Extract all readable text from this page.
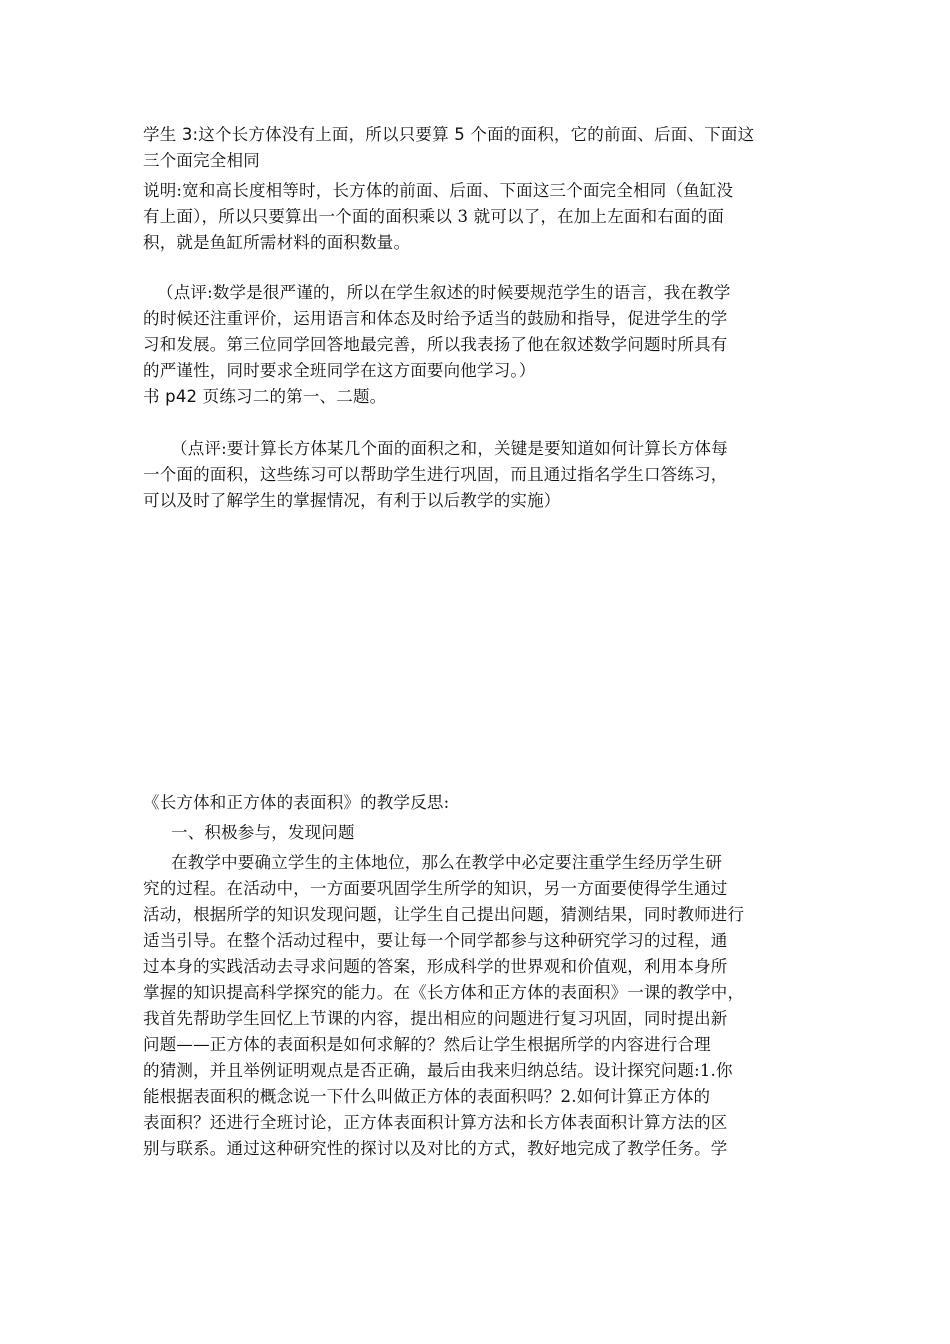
学生 3:这个长方体没有上面，所以只要算 5 个面的面积，它的前面、后面、下面这
三个面完全相同
说明:宽和高长度相等时，长方体的前面、后面、下面这三个面完全相同（鱼缸没
有上面），所以只要算出一个面的面积乘以 3 就可以了，在加上左面和右面的面
积，就是鱼缸所需材料的面积数量。
（点评:数学是很严谨的，所以在学生叙述的时候要规范学生的语言，我在教学
的时候还注重评价，运用语言和体态及时给予适当的鼓励和指导，促进学生的学
习和发展。第三位同学回答地最完善，所以我表扬了他在叙述数学问题时所具有
的严谨性，同时要求全班同学在这方面要向他学习。）
书 p42 页练习二的第一、二题。
（点评:要计算长方体某几个面的面积之和，关键是要知道如何计算长方体每
一个面的面积，这些练习可以帮助学生进行巩固，而且通过指名学生口答练习，
可以及时了解学生的掌握情况，有利于以后教学的实施）
《长方体和正方体的表面积》的教学反思:
一、积极参与，发现问题
在教学中要确立学生的主体地位，那么在教学中必定要注重学生经历学生研
究的过程。在活动中，一方面要巩固学生所学的知识，另一方面要使得学生通过
活动，根据所学的知识发现问题，让学生自己提出问题，猜测结果，同时教师进行
适当引导。在整个活动过程中，要让每一个同学都参与这种研究学习的过程，通
过本身的实践活动去寻求问题的答案，形成科学的世界观和价值观，利用本身所
掌握的知识提高科学探究的能力。在《长方体和正方体的表面积》一课的教学中，
我首先帮助学生回忆上节课的内容，提出相应的问题进行复习巩固，同时提出新
问题——正方体的表面积是如何求解的？然后让学生根据所学的内容进行合理
的猜测，并且举例证明观点是否正确，最后由我来归纳总结。设计探究问题:1.你
能根据表面积的概念说一下什么叫做正方体的表面积吗？2.如何计算正方体的
表面积？还进行全班讨论，正方体表面积计算方法和长方体表面积计算方法的区
别与联系。通过这种研究性的探讨以及对比的方式，教好地完成了教学任务。学
